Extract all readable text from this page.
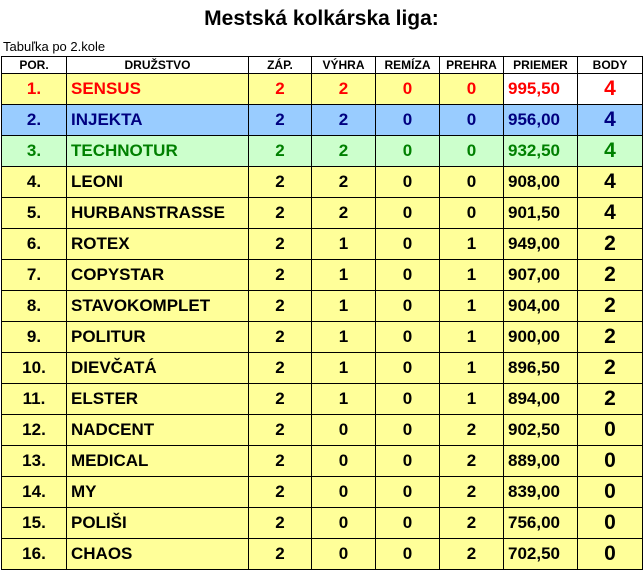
Mestská kolkárska liga:
Tabuľka po 2.kole
POR.	DRUŽSTVO	ZÁP.	VÝHRA	REMÍZA	PREHRA	PRIEMER	BODY
1.	SENSUS	2	2	0	0	995,50	4
2.	INJEKTA	2	2	0	0	956,00	4
3.	TECHNOTUR	2	2	0	0	932,50	4
4.	LEONI	2	2	0	0	908,00	4
5.	HURBANSTRASSE	2	2	0	0	901,50	4
6.	ROTEX	2	1	0	1	949,00	2
7.	COPYSTAR	2	1	0	1	907,00	2
8.	STAVOKOMPLET	2	1	0	1	904,00	2
9.	POLITUR	2	1	0	1	900,00	2
10.	DIEVČATÁ	2	1	0	1	896,50	2
11.	ELSTER	2	1	0	1	894,00	2
12.	NADCENT	2	0	0	2	902,50	0
13.	MEDICAL	2	0	0	2	889,00	0
14.	MY	2	0	0	2	839,00	0
15.	POLIŠI	2	0	0	2	756,00	0
16.	CHAOS	2	0	0	2	702,50	0
